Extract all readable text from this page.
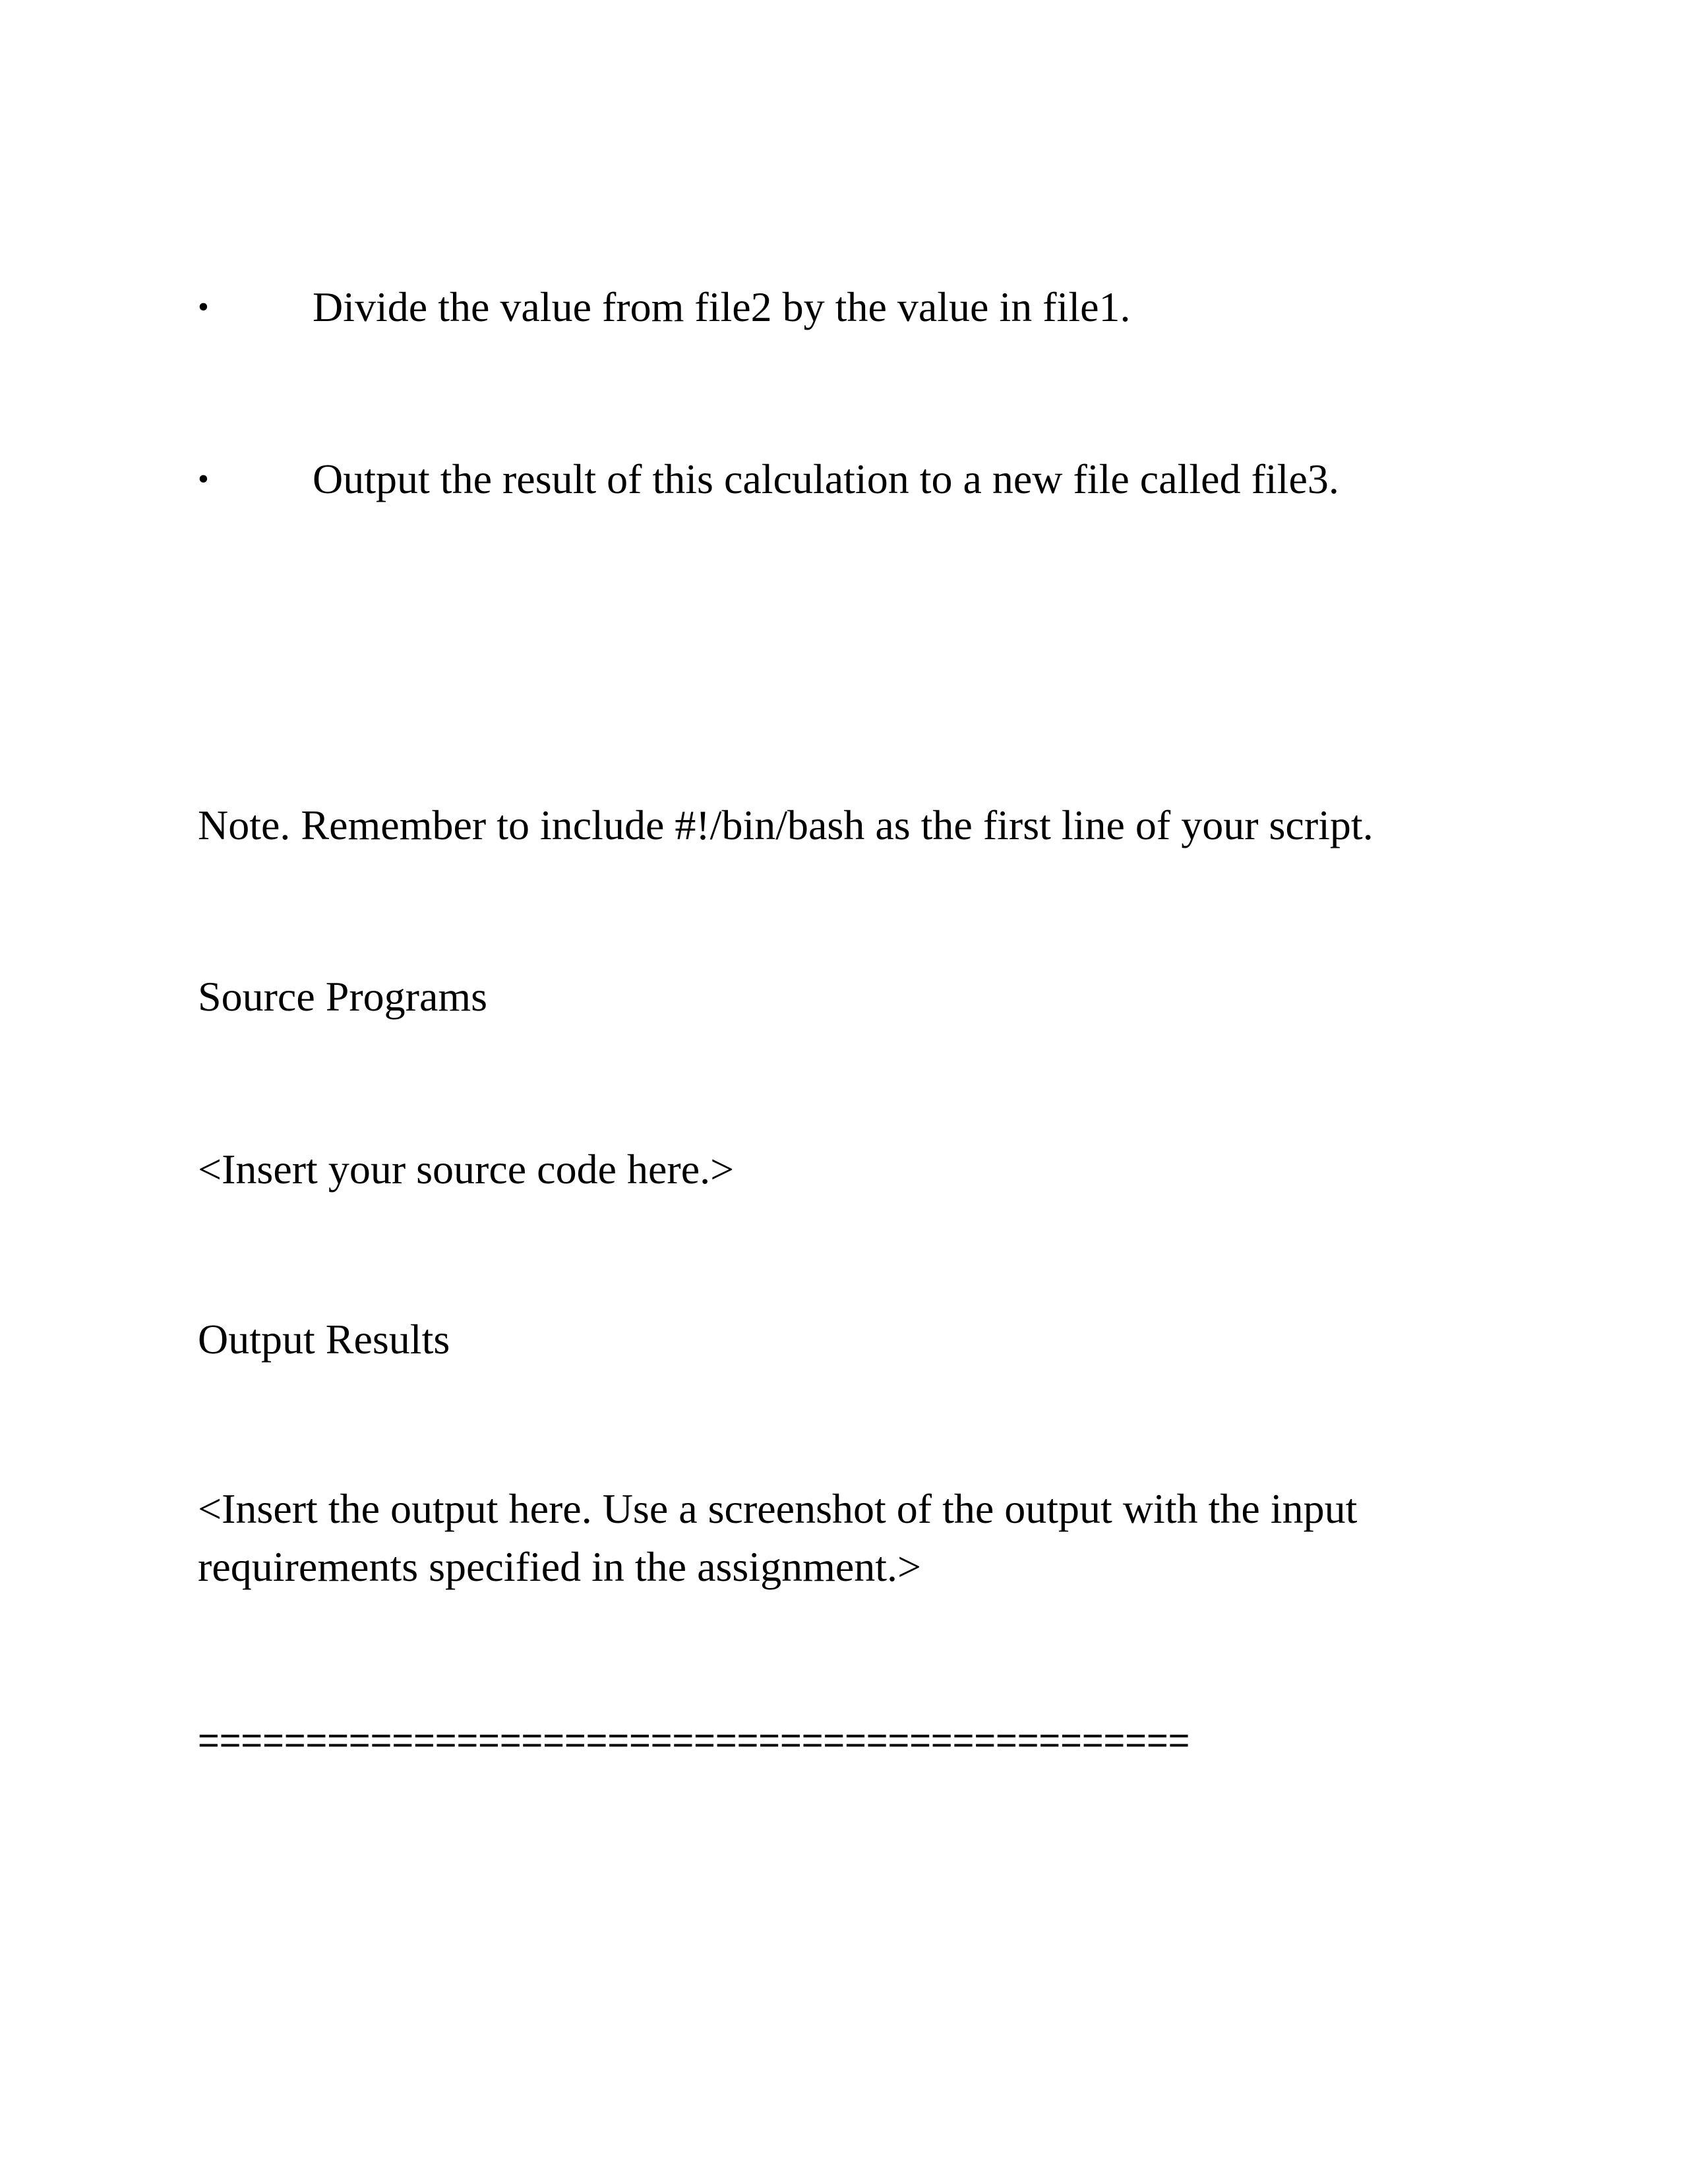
• Divide the value from file2 by the value in file1.
• Output the result of this calculation to a new file called file3.
Note. Remember to include #!/bin/bash as the first line of your script.
Source Programs
<Insert your source code here.>
Output Results
<Insert the output here. Use a screenshot of the output with the input requirements specified in the assignment.>
==============================================
